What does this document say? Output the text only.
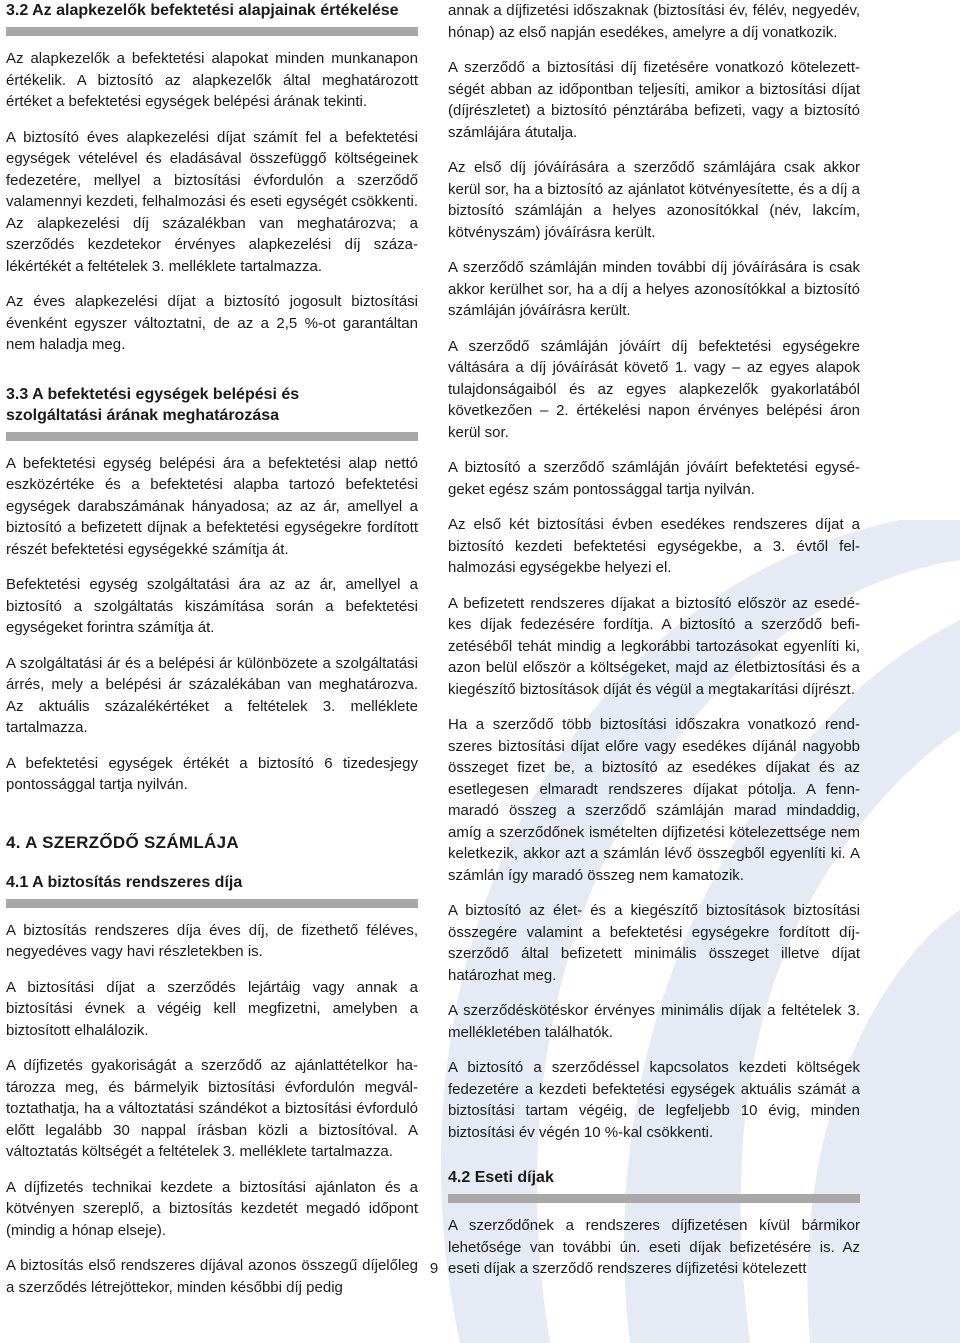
3.2 Az alapkezelők befektetési alapjainak értékelése

Az alapkezelők a befektetési alapokat minden munkanapon értékelik. A biztosító az alapkezelők által meghatározott értéket a befektetési egységek belépési árának tekinti.

A biztosító éves alapkezelési díjat számít fel a befektetési egységek vételével és eladásával összefüggő költségeinek fedezetére, mellyel a biztosítási évfordulón a szerződő valamennyi kezdeti, felhalmozási és eseti egységét csökkenti. Az alapkezelési díj százalékban van meghatározva; a szerződés kezdetekor érvényes alapkezelési díj százalékértékét a feltételek 3. melléklete tartalmazza.

Az éves alapkezelési díjat a biztosító jogosult biztosítási évenként egyszer változtatni, de az a 2,5 %-ot garantáltan nem haladja meg.

3.3 A befektetési egységek belépési és
szolgáltatási árának meghatározása

A befektetési egység belépési ára a befektetési alap nettó eszközértéke és a befektetési alapba tartozó befektetési egységek darabszámának hányadosa; az az ár, amellyel a biztosító a befizetett díjnak a befektetési egységekre fordított részét befektetési egységekké számítja át.

Befektetési egység szolgáltatási ára az az ár, amellyel a biztosító a szolgáltatás kiszámítása során a befektetési egységeket forintra számítja át.

A szolgáltatási ár és a belépési ár különbözete a szolgáltatási árrés, mely a belépési ár százalékában van meghatározva. Az aktuális százalékértéket a feltételek 3. melléklete tartalmazza.

A befektetési egységek értékét a biztosító 6 tizedesjegy pontossággal tartja nyilván.

4. A SZERZŐDŐ SZÁMLÁJA
4.1 A biztosítás rendszeres díja

A biztosítás rendszeres díja éves díj, de fizethető féléves, negyedéves vagy havi részletekben is.

A biztosítási díjat a szerződés lejártáig vagy annak a biztosítási évnek a végéig kell megfizetni, amelyben a biztosított elhalálozik.

A díjfizetés gyakoriságát a szerződő az ajánlattételkor határozza meg, és bármelyik biztosítási évfordulón megváltoztathatja, ha a változtatási szándékot a biztosítási évforduló előtt legalább 30 nappal írásban közli a biztosítóval. A változtatás költségét a feltételek 3. melléklete tartalmazza.

A díjfizetés technikai kezdete a biztosítási ajánlaton és a kötvényen szereplő, a biztosítás kezdetét megadó időpont (mindig a hónap elseje).

A biztosítás első rendszeres díjával azonos összegű díjelőleg a szerződés létrejöttekor, minden későbbi díj pedig

annak a díjfizetési időszaknak (biztosítási év, félév, negyedév, hónap) az első napján esedékes, amelyre a díj vonatkozik.

A szerződő a biztosítási díj fizetésére vonatkozó kötelezettségét abban az időpontban teljesíti, amikor a biztosítási díjat (díjrészletet) a biztosító pénztárába befizeti, vagy a biztosító számlájára átutalja.

Az első díj jóváírására a szerződő számlájára csak akkor kerül sor, ha a biztosító az ajánlatot kötvényesítette, és a díj a biztosító számláján a helyes azonosítókkal (név, lakcím, kötvényszám) jóváírásra került.

A szerződő számláján minden további díj jóváírására is csak akkor kerülhet sor, ha a díj a helyes azonosítókkal a biztosító számláján jóváírásra került.

A szerződő számláján jóváírt díj befektetési egységekre váltására a díj jóváírását követő 1. vagy – az egyes alapok tulajdonságaiból és az egyes alapkezelők gyakorlatából következően – 2. értékelési napon érvényes belépési áron kerül sor.

A biztosító a szerződő számláján jóváírt befektetési egységeket egész szám pontossággal tartja nyilván.

Az első két biztosítási évben esedékes rendszeres díjat a biztosító kezdeti befektetési egységekbe, a 3. évtől felhalmozási egységekbe helyezi el.

A befizetett rendszeres díjakat a biztosító először az esedékes díjak fedezésére fordítja. A biztosító a szerződő befizetéséből tehát mindig a legkorábbi tartozásokat egyenlíti ki, azon belül először a költségeket, majd az életbiztosítási és a kiegészítő biztosítások díját és végül a megtakarítási díjrészt.

Ha a szerződő több biztosítási időszakra vonatkozó rendszeres biztosítási díjat előre vagy esedékes díjánál nagyobb összeget fizet be, a biztosító az esedékes díjakat és az esetlegesen elmaradt rendszeres díjakat pótolja. A fennmaradó összeg a szerződő számláján marad mindaddig, amíg a szerződőnek ismételten díjfizetési kötelezettsége nem keletkezik, akkor azt a számlán lévő összegből egyenlíti ki. A számlán így maradó összeg nem kamatozik.

A biztosító az élet- és a kiegészítő biztosítások biztosítási összegére valamint a befektetési egységekre fordított díjszerződő által befizetett minimális összeget illetve díjat határozhat meg.

A szerződéskötéskor érvényes minimális díjak a feltételek 3. mellékletében találhatók.

A biztosító a szerződéssel kapcsolatos kezdeti költségek fedezetére a kezdeti befektetési egységek aktuális számát a biztosítási tartam végéig, de legfeljebb 10 évig, minden biztosítási év végén 10 %-kal csökkenti.

4.2 Eseti díjak

A szerződőnek a rendszeres díjfizetésen kívül bármikor lehetősége van további ún. eseti díjak befizetésére is. Az eseti díjak a szerződő rendszeres díjfizetési kötelezett

9
